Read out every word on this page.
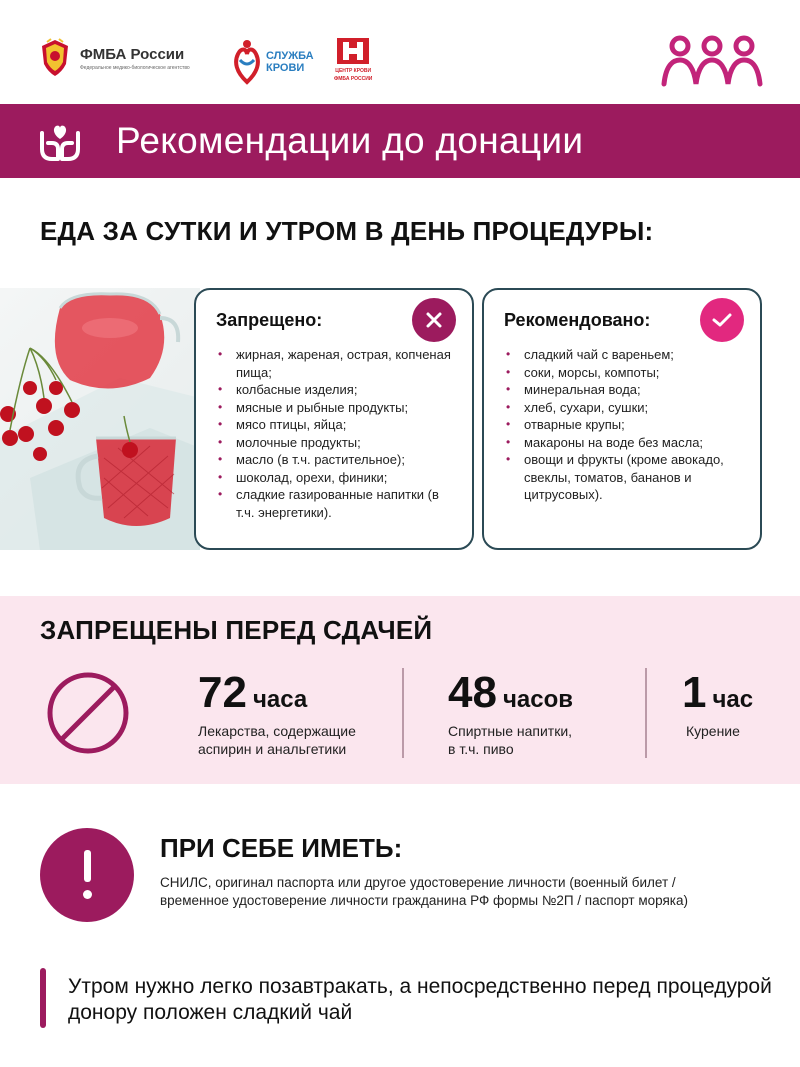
ФМБА России
Федеральное медико-биологическое агентство
СЛУЖБА
КРОВИ	ЦЕНТР КРОВИ
ФМБА РОССИИ
Рекомендации до донации
ЕДА ЗА СУТКИ И УТРОМ В ДЕНЬ ПРОЦЕДУРЫ:
Запрещено:
• жирная, жареная, острая, копченая пища;
• колбасные изделия;
• мясные и рыбные продукты;
• мясо птицы, яйца;
• молочные продукты;
• масло (в т.ч. растительное);
• шоколад, орехи, финики;
• сладкие газированные напитки (в т.ч. энергетики).
Рекомендовано:
• сладкий чай с вареньем;
• соки, морсы, компоты;
• минеральная вода;
• хлеб, сухари, сушки;
• отварные крупы;
• макароны на воде без масла;
• овощи и фрукты (кроме авокадо, свеклы, томатов, бананов и цитрусовых).
ЗАПРЕЩЕНЫ ПЕРЕД СДАЧЕЙ
72 часа
Лекарства, содержащие
аспирин и анальгетики
48 часов
Спиртные напитки,
в т.ч. пиво
1 час
Курение
ПРИ СЕБЕ ИМЕТЬ:
СНИЛС, оригинал паспорта или другое удостоверение личности (военный билет / временное удостоверение личности гражданина РФ формы №2П / паспорт моряка)
Утром нужно легко позавтракать, а непосредственно перед процедурой донору положен сладкий чай
